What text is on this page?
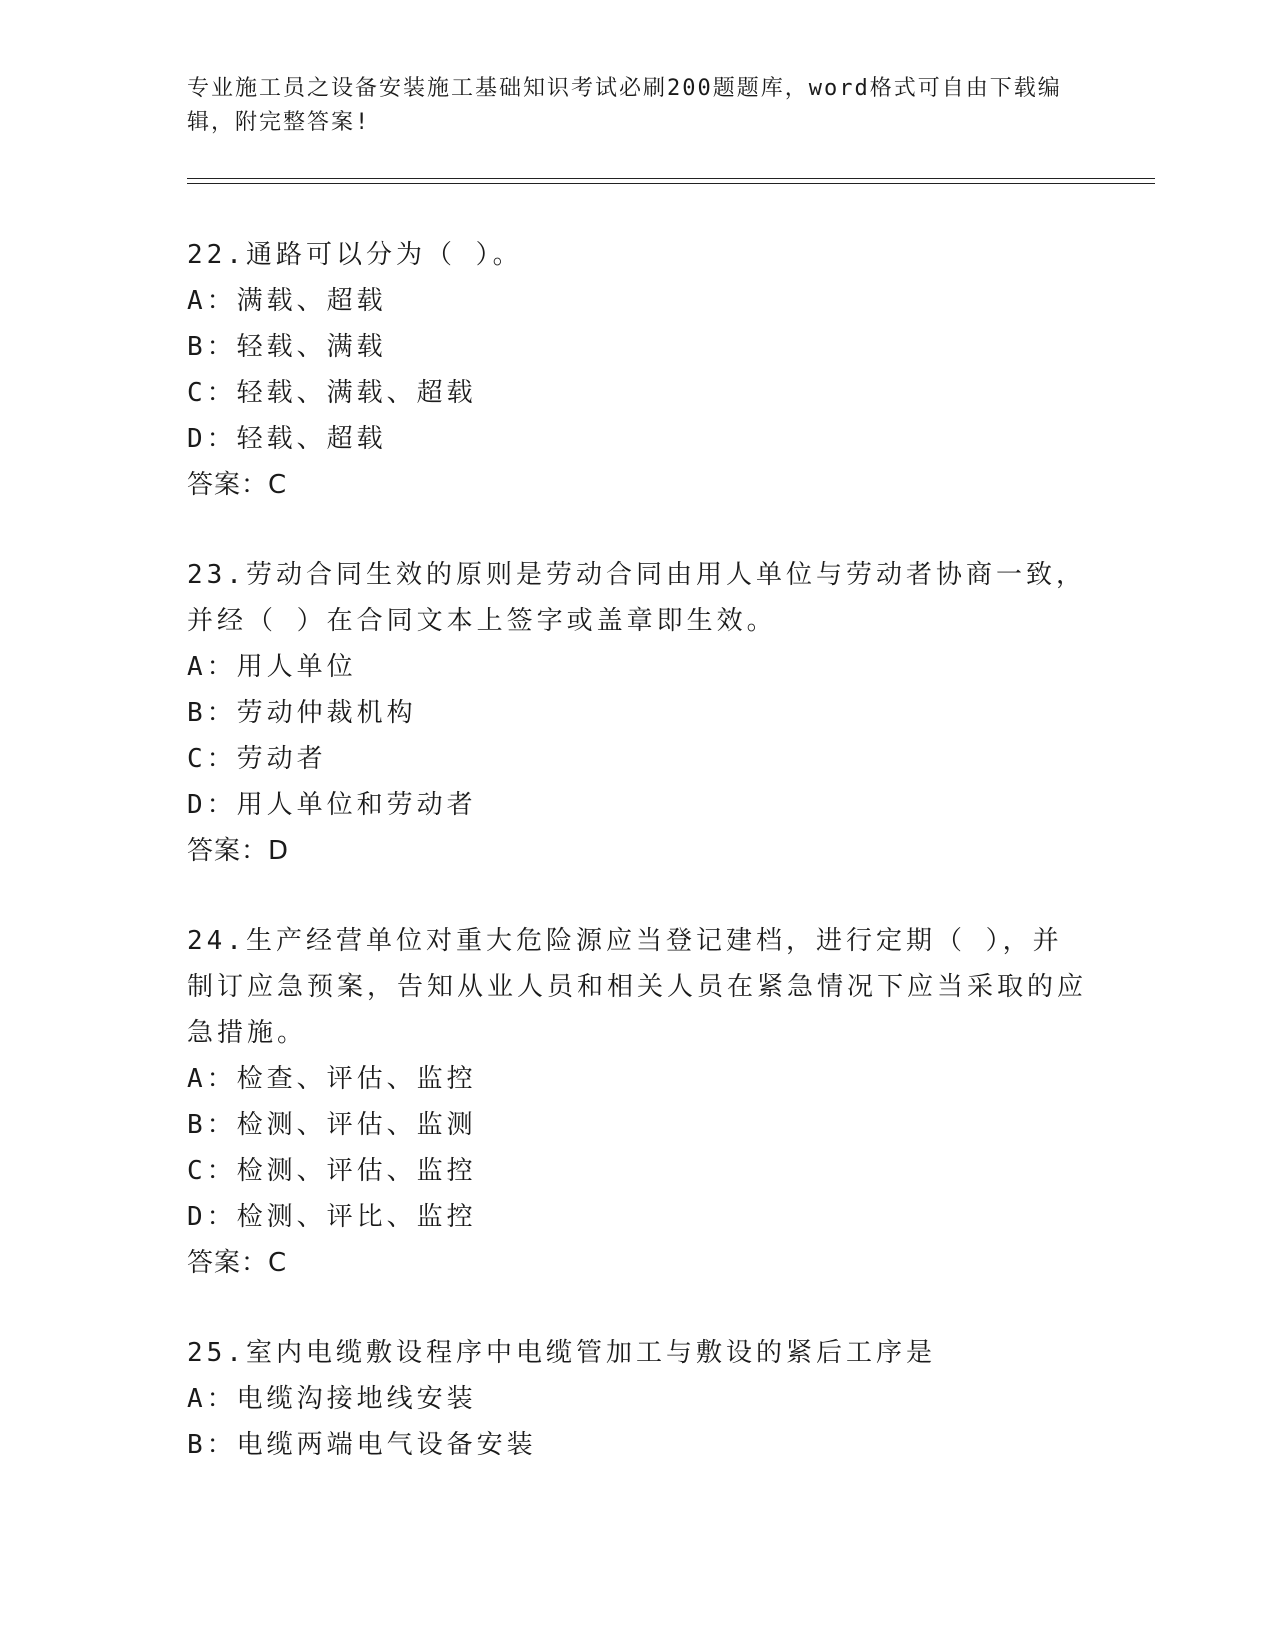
专业施工员之设备安装施工基础知识考试必刷200题题库，word格式可自由下载编辑，附完整答案!
22.通路可以分为（ ）。
A：满载、超载
B：轻载、满载
C：轻载、满载、超载
D：轻载、超载
答案：C
23.劳动合同生效的原则是劳动合同由用人单位与劳动者协商一致，并经（ ）在合同文本上签字或盖章即生效。
A：用人单位
B：劳动仲裁机构
C：劳动者
D：用人单位和劳动者
答案：D
24.生产经营单位对重大危险源应当登记建档，进行定期（ ），并制订应急预案，告知从业人员和相关人员在紧急情况下应当采取的应急措施。
A：检查、评估、监控
B：检测、评估、监测
C：检测、评估、监控
D：检测、评比、监控
答案：C
25.室内电缆敷设程序中电缆管加工与敷设的紧后工序是
A：电缆沟接地线安装
B：电缆两端电气设备安装
